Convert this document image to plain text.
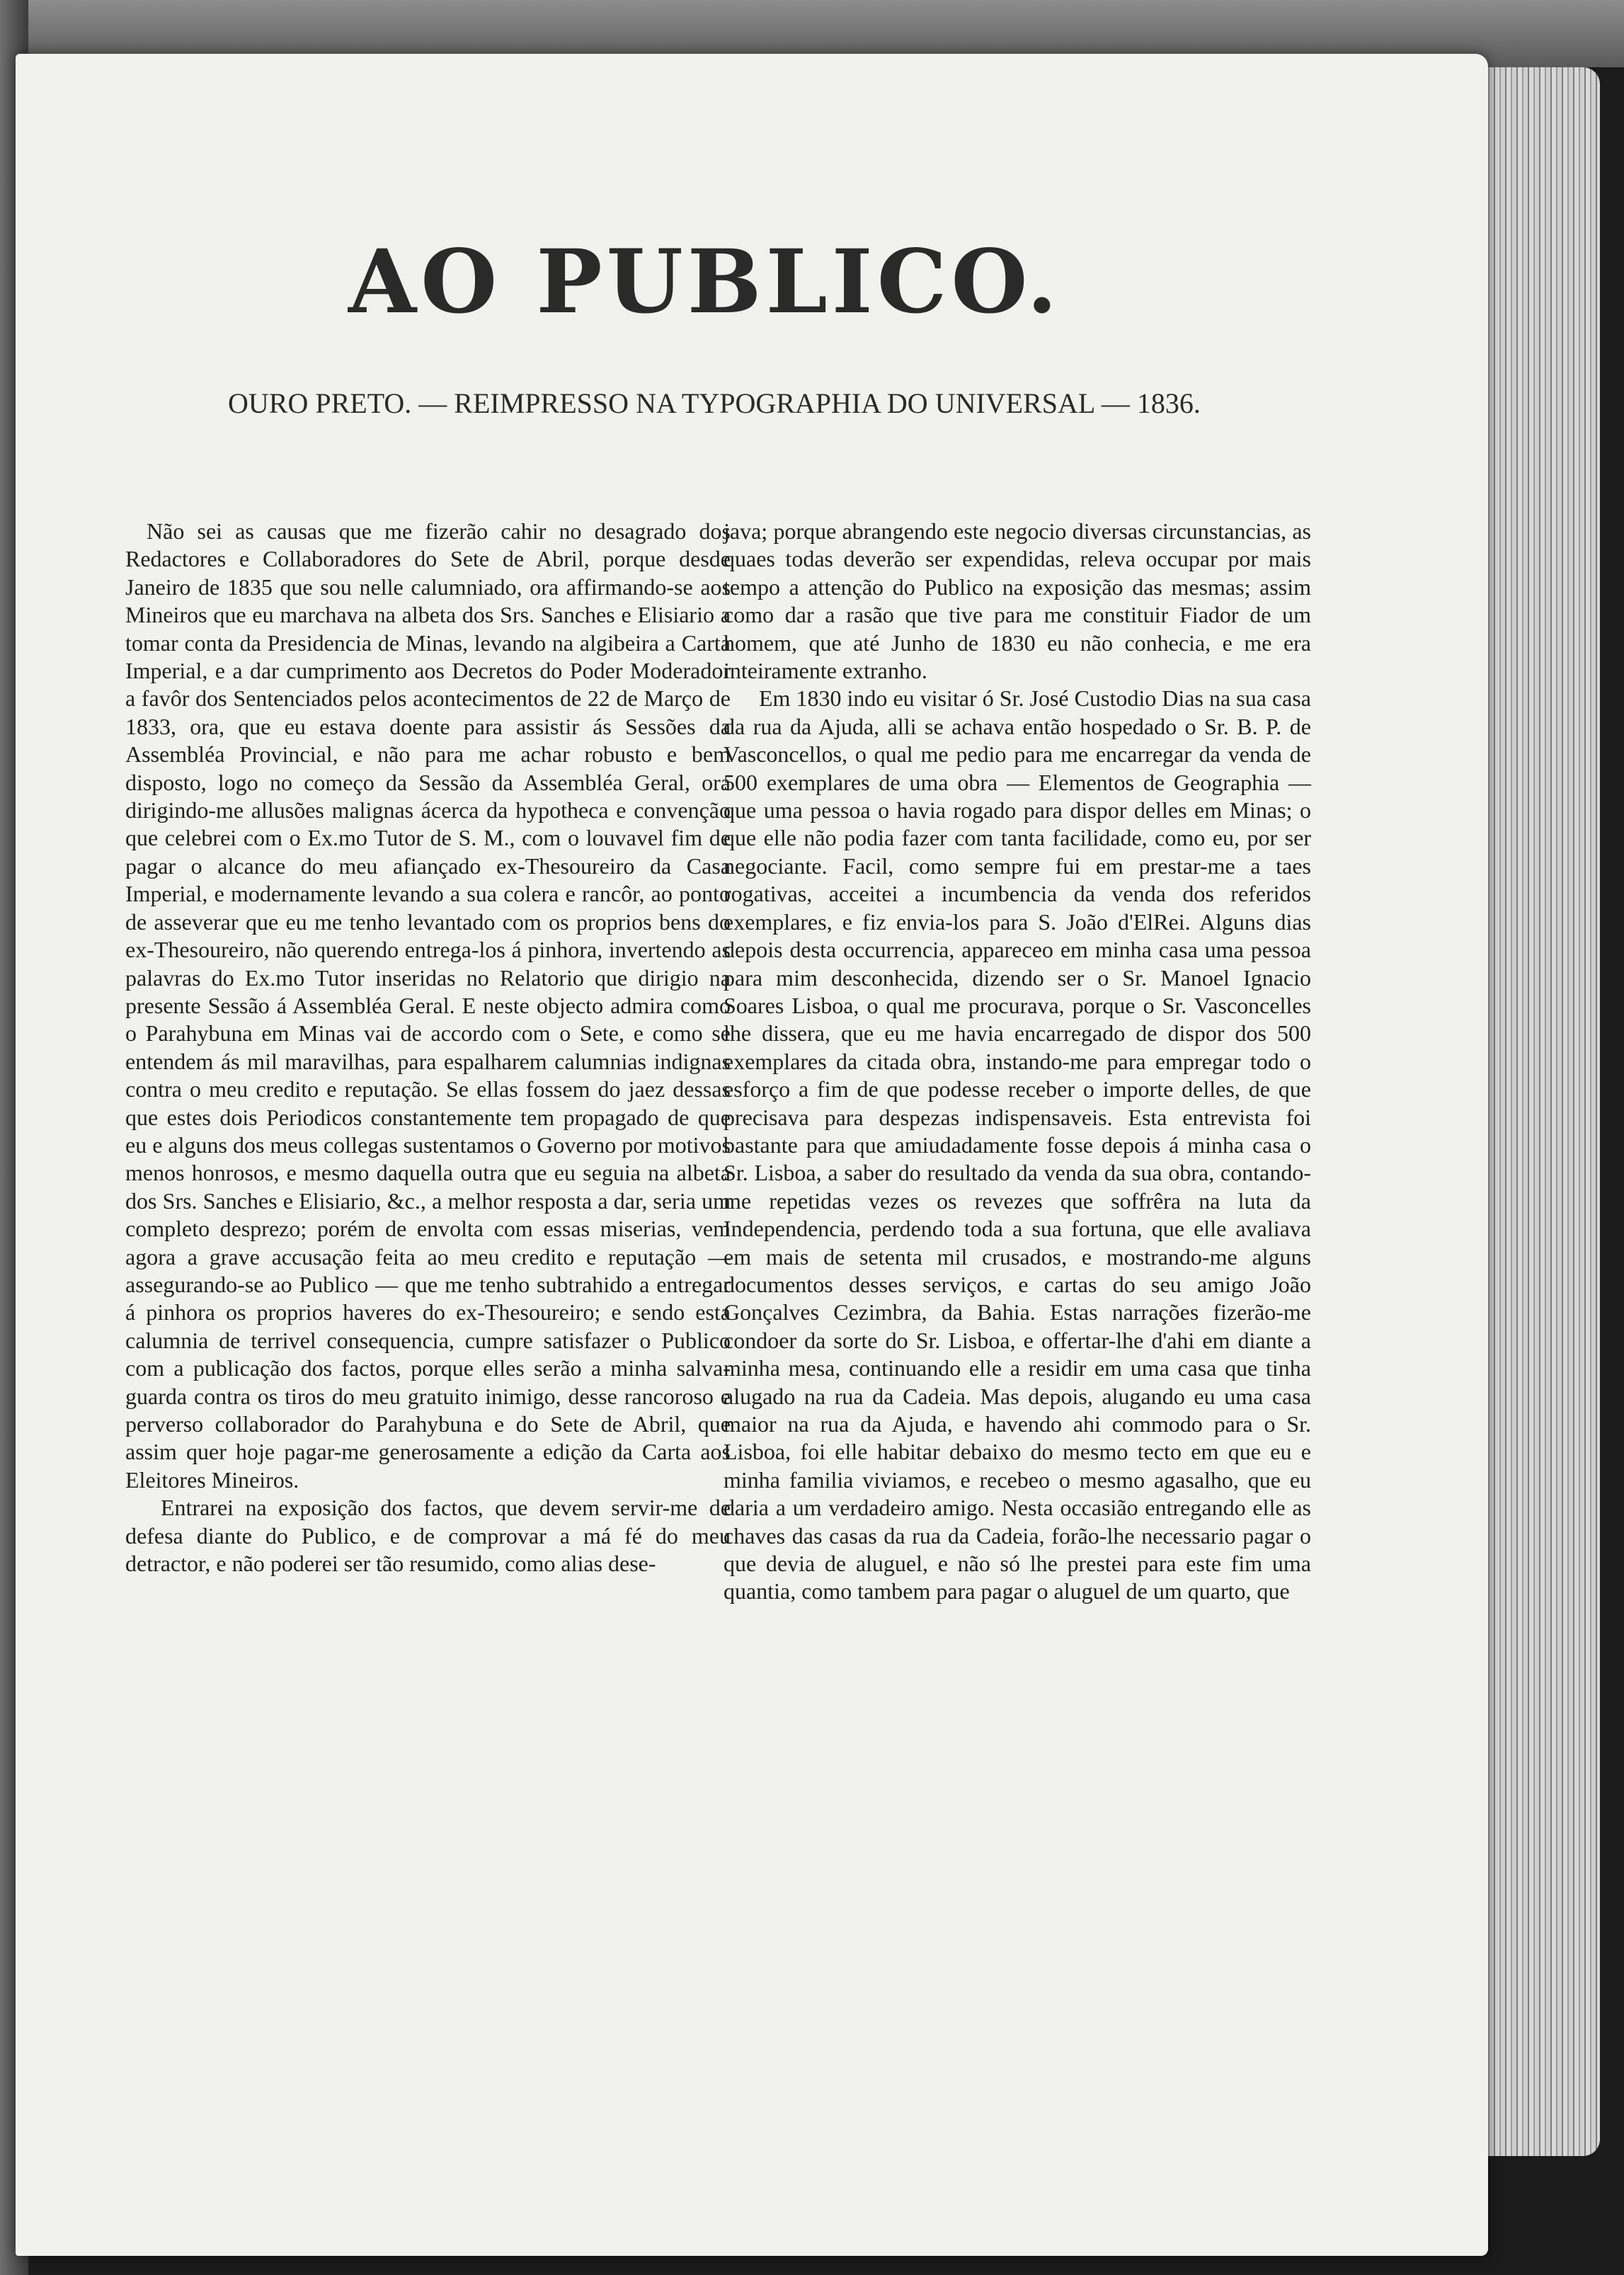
AO PUBLICO.
OURO PRETO. — REIMPRESSO NA TYPOGRAPHIA DO UNIVERSAL — 1836.

Não sei as causas que me fizerão cahir no desagrado dos Redactores e Collaboradores do Sete de Abril, porque desde Janeiro de 1835 que sou nelle calumniado, ora affirmando-se aos Mineiros que eu marchava na albeta dos Srs. Sanches e Elisiario a tomar conta da Presidencia de Minas, levando na algibeira a Carta Imperial, e a dar cumprimento aos Decretos do Poder Moderador a favôr dos Sentenciados pelos acontecimentos de 22 de Março de 1833, ora, que eu estava doente para assistir ás Sessões da Assembléa Provincial, e não para me achar robusto e bem disposto, logo no começo da Sessão da Assembléa Geral, ora dirigindo-me allusões malignas ácerca da hypotheca e convenção que celebrei com o Ex.mo Tutor de S. M., com o louvavel fim de pagar o alcance do meu afiançado ex-Thesoureiro da Casa Imperial, e modernamente levando a sua colera e rancôr, ao ponto de asseverar que eu me tenho levantado com os proprios bens do ex-Thesoureiro, não querendo entrega-los á pinhora, invertendo as palavras do Ex.mo Tutor inseridas no Relatorio que dirigio na presente Sessão á Assembléa Geral. E neste objecto admira como o Parahybuna em Minas vai de accordo com o Sete, e como se entendem ás mil maravilhas, para espalharem calumnias indignas contra o meu credito e reputação. Se ellas fossem do jaez dessas que estes dois Periodicos constantemente tem propagado de que eu e alguns dos meus collegas sustentamos o Governo por motivos menos honrosos, e mesmo daquella outra que eu seguia na albeta dos Srs. Sanches e Elisiario, &c., a melhor resposta a dar, seria um completo desprezo; porém de envolta com essas miserias, vem agora a grave accusação feita ao meu credito e reputação — assegurando-se ao Publico — que me tenho subtrahido a entregar á pinhora os proprios haveres do ex-Thesoureiro; e sendo esta calumnia de terrivel consequencia, cumpre satisfazer o Publico com a publicação dos factos, porque elles serão a minha salva-guarda contra os tiros do meu gratuito inimigo, desse rancoroso e perverso collaborador do Parahybuna e do Sete de Abril, que assim quer hoje pagar-me generosamente a edição da Carta aos Eleitores Mineiros.

Entrarei na exposição dos factos, que devem servir-me de defesa diante do Publico, e de comprovar a má fé do meu detractor, e não poderei ser tão resumido, como alias dese-

java; porque abrangendo este negocio diversas circunstancias, as quaes todas deverão ser expendidas, releva occupar por mais tempo a attenção do Publico na exposição das mesmas; assim como dar a rasão que tive para me constituir Fiador de um homem, que até Junho de 1830 eu não conhecia, e me era inteiramente extranho.

Em 1830 indo eu visitar ó Sr. José Custodio Dias na sua casa da rua da Ajuda, alli se achava então hospedado o Sr. B. P. de Vasconcellos, o qual me pedio para me encarregar da venda de 500 exemplares de uma obra — Elementos de Geographia — que uma pessoa o havia rogado para dispor delles em Minas; o que elle não podia fazer com tanta facilidade, como eu, por ser negociante. Facil, como sempre fui em prestar-me a taes rogativas, acceitei a incumbencia da venda dos referidos exemplares, e fiz envia-los para S. João d'ElRei. Alguns dias depois desta occurrencia, appareceo em minha casa uma pessoa para mim desconhecida, dizendo ser o Sr. Manoel Ignacio Soares Lisboa, o qual me procurava, porque o Sr. Vasconcelles lhe dissera, que eu me havia encarregado de dispor dos 500 exemplares da citada obra, instando-me para empregar todo o esforço a fim de que podesse receber o importe delles, de que precisava para despezas indispensaveis. Esta entrevista foi bastante para que amiudadamente fosse depois á minha casa o Sr. Lisboa, a saber do resultado da venda da sua obra, contando-me repetidas vezes os revezes que soffrêra na luta da Independencia, perdendo toda a sua fortuna, que elle avaliava em mais de setenta mil crusados, e mostrando-me alguns documentos desses serviços, e cartas do seu amigo João Gonçalves Cezimbra, da Bahia. Estas narrações fizerão-me condoer da sorte do Sr. Lisboa, e offertar-lhe d'ahi em diante a minha mesa, continuando elle a residir em uma casa que tinha alugado na rua da Cadeia. Mas depois, alugando eu uma casa maior na rua da Ajuda, e havendo ahi commodo para o Sr. Lisboa, foi elle habitar debaixo do mesmo tecto em que eu e minha familia viviamos, e recebeo o mesmo agasalho, que eu daria a um verdadeiro amigo. Nesta occasião entregando elle as chaves das casas da rua da Cadeia, forão-lhe necessario pagar o que devia de aluguel, e não só lhe prestei para este fim uma quantia, como tambem para pagar o aluguel de um quarto, que
